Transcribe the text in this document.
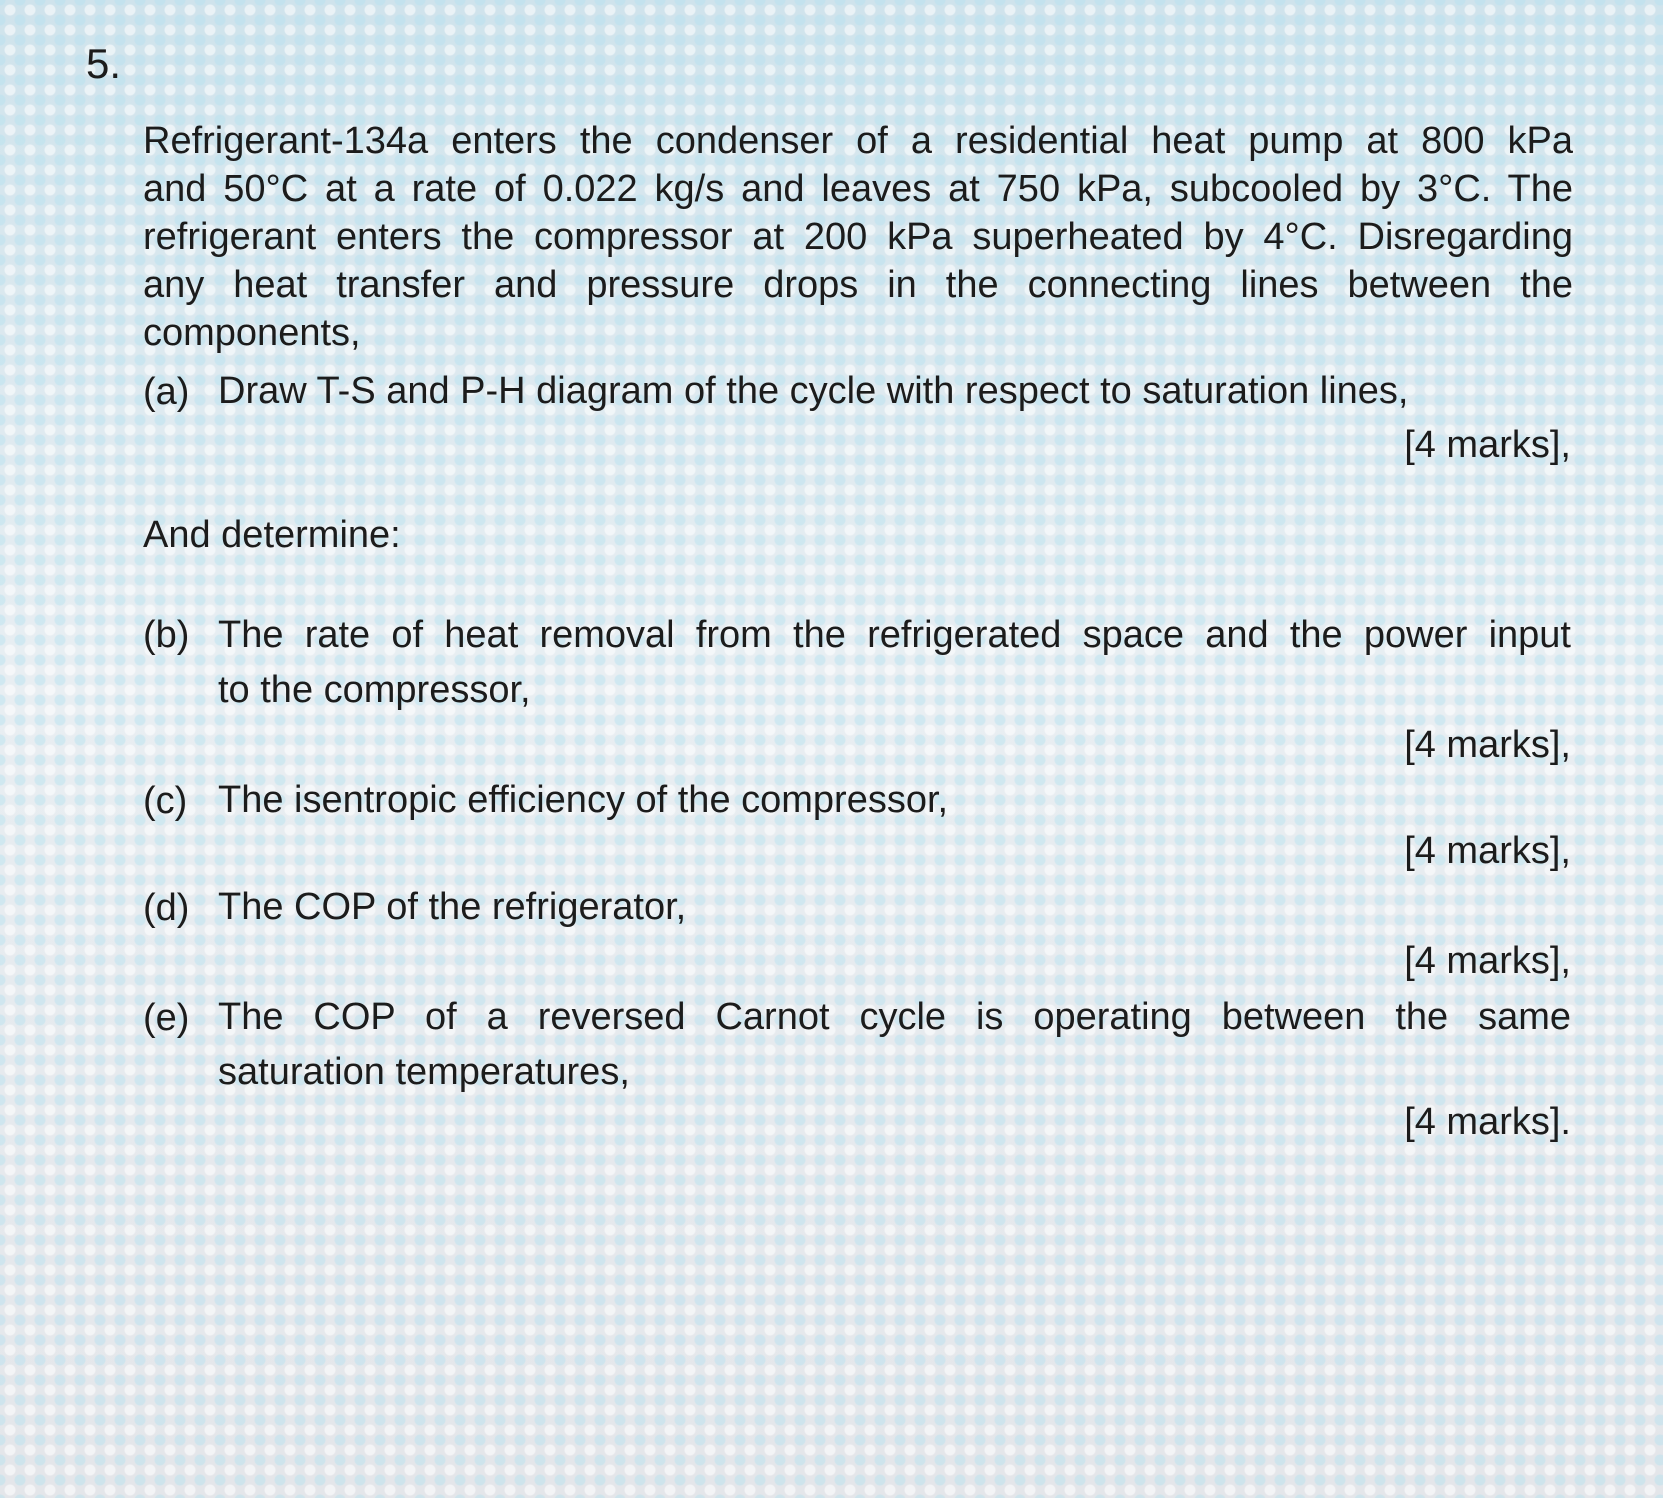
5.

Refrigerant-134a enters the condenser of a residential heat pump at 800 kPa
and 50°C at a rate of 0.022 kg/s and leaves at 750 kPa, subcooled by 3°C. The
refrigerant enters the compressor at 200 kPa superheated by 4°C. Disregarding
any heat transfer and pressure drops in the connecting lines between the
components,

(a) Draw T-S and P-H diagram of the cycle with respect to saturation lines,

[4 marks],

And determine:

(b) The rate of heat removal from the refrigerated space and the power input
to the compressor,

[4 marks],

(c) The isentropic efficiency of the compressor,

[4 marks],

(d) The COP of the refrigerator,

[4 marks],

(e) The COP of a reversed Carnot cycle is operating between the same
saturation temperatures,

[4 marks].
